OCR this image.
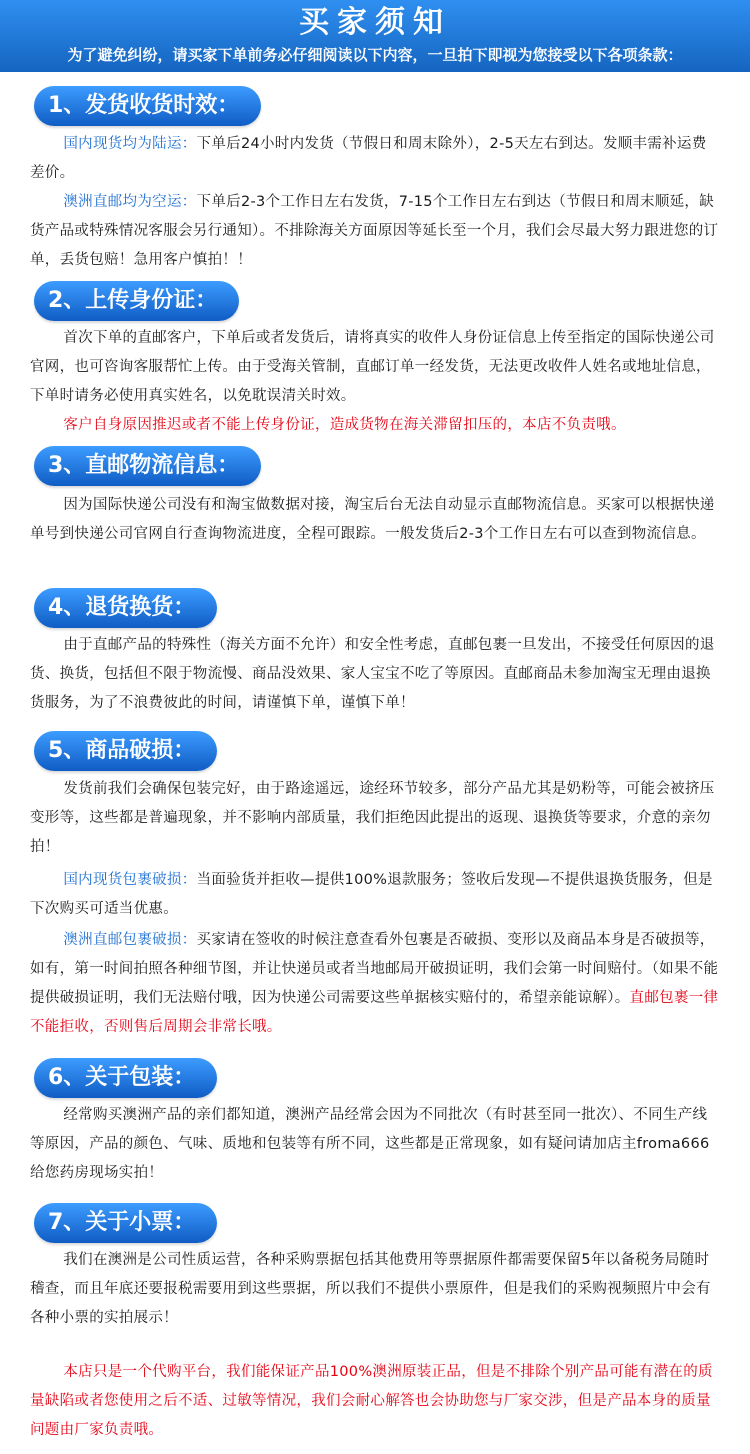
买家须知
为了避免纠纷，请买家下单前务必仔细阅读以下内容，一旦拍下即视为您接受以下各项条款：
1、发货收货时效：
国内现货均为陆运：下单后24小时内发货（节假日和周末除外），2-5天左右到达。发顺丰需补运费差价。
澳洲直邮均为空运：下单后2-3个工作日左右发货，7-15个工作日左右到达（节假日和周末顺延，缺货产品或特殊情况客服会另行通知）。不排除海关方面原因等延长至一个月，我们会尽最大努力跟进您的订单，丢货包赔！急用客户慎拍！！
2、上传身份证：
首次下单的直邮客户，下单后或者发货后，请将真实的收件人身份证信息上传至指定的国际快递公司官网，也可咨询客服帮忙上传。由于受海关管制，直邮订单一经发货，无法更改收件人姓名或地址信息，下单时请务必使用真实姓名，以免耽误清关时效。
客户自身原因推迟或者不能上传身份证，造成货物在海关滞留扣压的，本店不负责哦。
3、直邮物流信息：
因为国际快递公司没有和淘宝做数据对接，淘宝后台无法自动显示直邮物流信息。买家可以根据快递单号到快递公司官网自行查询物流进度，全程可跟踪。一般发货后2-3个工作日左右可以查到物流信息。
4、退货换货：
由于直邮产品的特殊性（海关方面不允许）和安全性考虑，直邮包裹一旦发出，不接受任何原因的退货、换货，包括但不限于物流慢、商品没效果、家人宝宝不吃了等原因。直邮商品未参加淘宝无理由退换货服务，为了不浪费彼此的时间，请谨慎下单，谨慎下单！
5、商品破损：
发货前我们会确保包装完好，由于路途遥远，途经环节较多，部分产品尤其是奶粉等，可能会被挤压变形等，这些都是普遍现象，并不影响内部质量，我们拒绝因此提出的返现、退换货等要求，介意的亲勿拍！
国内现货包裹破损：当面验货并拒收—提供100%退款服务；签收后发现—不提供退换货服务，但是下次购买可适当优惠。
澳洲直邮包裹破损：买家请在签收的时候注意查看外包裹是否破损、变形以及商品本身是否破损等，如有，第一时间拍照各种细节图，并让快递员或者当地邮局开破损证明，我们会第一时间赔付。（如果不能提供破损证明，我们无法赔付哦，因为快递公司需要这些单据核实赔付的，希望亲能谅解）。直邮包裹一律不能拒收，否则售后周期会非常长哦。
6、关于包装：
经常购买澳洲产品的亲们都知道，澳洲产品经常会因为不同批次（有时甚至同一批次）、不同生产线等原因，产品的颜色、气味、质地和包装等有所不同，这些都是正常现象，如有疑问请加店主froma666给您药房现场实拍！
7、关于小票：
我们在澳洲是公司性质运营，各种采购票据包括其他费用等票据原件都需要保留5年以备税务局随时稽查，而且年底还要报税需要用到这些票据，所以我们不提供小票原件，但是我们的采购视频照片中会有各种小票的实拍展示！
本店只是一个代购平台，我们能保证产品100%澳洲原装正品，但是不排除个别产品可能有潜在的质量缺陷或者您使用之后不适、过敏等情况，我们会耐心解答也会协助您与厂家交涉，但是产品本身的质量问题由厂家负责哦。
